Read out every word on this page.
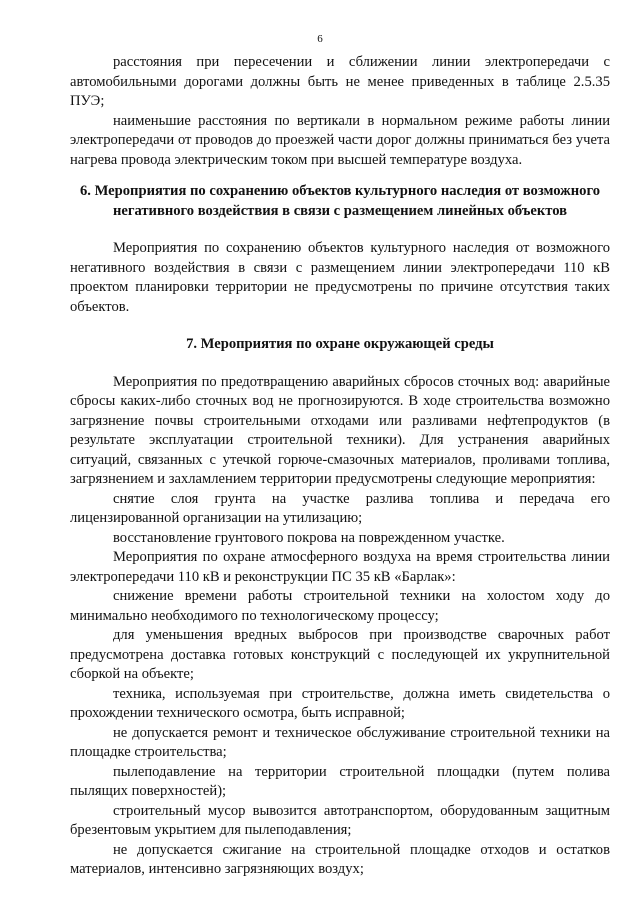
6

расстояния при пересечении и сближении линии электропередачи с автомобильными дорогами должны быть не менее приведенных в таблице 2.5.35 ПУЭ;

наименьшие расстояния по вертикали в нормальном режиме работы линии электропередачи от проводов до проезжей части дорог должны приниматься без учета нагрева провода электрическим током при высшей температуре воздуха.

6. Мероприятия по сохранению объектов культурного наследия от возможного негативного воздействия в связи с размещением линейных объектов

Мероприятия по сохранению объектов культурного наследия от возможного негативного воздействия в связи с размещением линии электропередачи 110 кВ проектом планировки территории не предусмотрены по причине отсутствия таких объектов.

7. Мероприятия по охране окружающей среды

Мероприятия по предотвращению аварийных сбросов сточных вод: аварийные сбросы каких-либо сточных вод не прогнозируются. В ходе строительства возможно загрязнение почвы строительными отходами или разливами нефтепродуктов (в результате эксплуатации строительной техники). Для устранения аварийных ситуаций, связанных с утечкой горюче-смазочных материалов, проливами топлива, загрязнением и захламлением территории предусмотрены следующие мероприятия:

снятие слоя грунта на участке разлива топлива и передача его лицензированной организации на утилизацию;

восстановление грунтового покрова на поврежденном участке.

Мероприятия по охране атмосферного воздуха на время строительства линии электропередачи 110 кВ и реконструкции ПС 35 кВ «Барлак»:

снижение времени работы строительной техники на холостом ходу до минимально необходимого по технологическому процессу;

для уменьшения вредных выбросов при производстве сварочных работ предусмотрена доставка готовых конструкций с последующей их укрупнительной сборкой на объекте;

техника, используемая при строительстве, должна иметь свидетельства о прохождении технического осмотра, быть исправной;

не допускается ремонт и техническое обслуживание строительной техники на площадке строительства;

пылеподавление на территории строительной площадки (путем полива пылящих поверхностей);

строительный мусор вывозится автотранспортом, оборудованным защитным брезентовым укрытием для пылеподавления;

не допускается сжигание на строительной площадке отходов и остатков материалов, интенсивно загрязняющих воздух;
